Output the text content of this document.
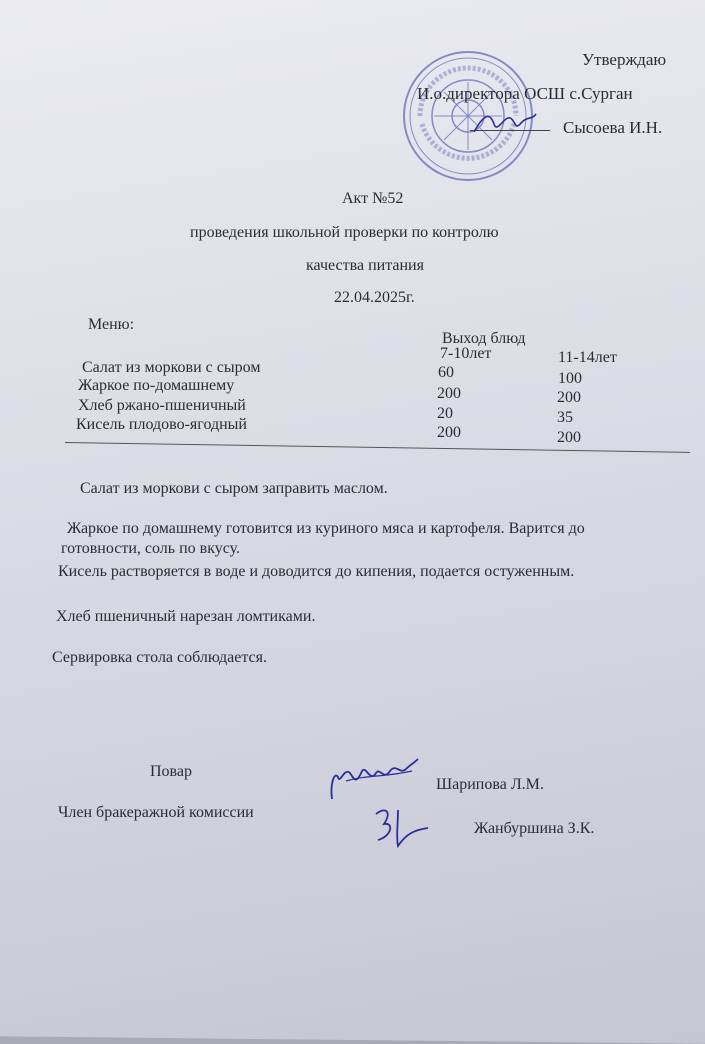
Утверждаю
И.о.директора ОСШ с.Сурган
Сысоева И.Н.
Акт №52
проведения школьной проверки по контролю
качества питания
22.04.2025г.
Меню:
Выход блюд
7-10лет	11-14лет
Салат из моркови с сыром	60	100
Жаркое по-домашнему	200	200
Хлеб ржано-пшеничный	20	35
Кисель плодово-ягодный	200	200
Салат из моркови с сыром заправить маслом.
Жаркое по домашнему готовится из куриного мяса и картофеля. Варится до
готовности, соль по вкусу.
Кисель растворяется в воде и доводится до кипения, подается остуженным.
Хлеб пшеничный нарезан ломтиками.
Сервировка стола соблюдается.
Повар
Шарипова Л.М.
Член бракеражной комиссии
Жанбуршина З.К.
